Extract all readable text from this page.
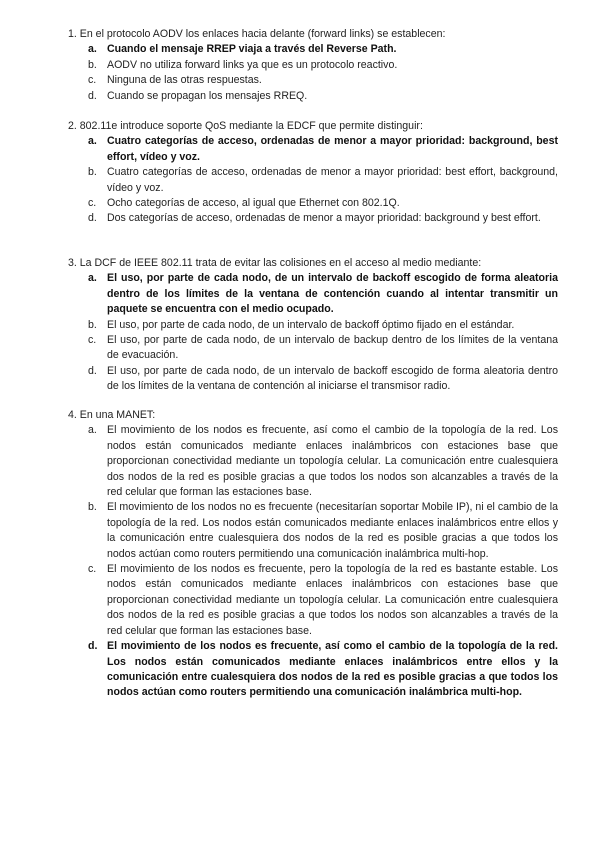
1. En el protocolo AODV los enlaces hacia delante (forward links) se establecen:

a. Cuando el mensaje RREP viaja a través del Reverse Path.
b. AODV no utiliza forward links ya que es un protocolo reactivo.
c. Ninguna de las otras respuestas.
d. Cuando se propagan los mensajes RREQ.

2. 802.11e introduce soporte QoS mediante la EDCF que permite distinguir:

a. Cuatro categorías de acceso, ordenadas de menor a mayor prioridad: background, best effort, vídeo y voz.
b. Cuatro categorías de acceso, ordenadas de menor a mayor prioridad: best effort, background, vídeo y voz.
c. Ocho categorías de acceso, al igual que Ethernet con 802.1Q.
d. Dos categorías de acceso, ordenadas de menor a mayor prioridad: background y best effort.

3. La DCF de IEEE 802.11 trata de evitar las colisiones en el acceso al medio mediante:

a. El uso, por parte de cada nodo, de un intervalo de backoff escogido de forma aleatoria dentro de los límites de la ventana de contención cuando al intentar transmitir un paquete se encuentra con el medio ocupado.
b. El uso, por parte de cada nodo, de un intervalo de backoff óptimo fijado en el estándar.
c. El uso, por parte de cada nodo, de un intervalo de backup dentro de los límites de la ventana de evacuación.
d. El uso, por parte de cada nodo, de un intervalo de backoff escogido de forma aleatoria dentro de los límites de la ventana de contención al iniciarse el transmisor radio.

4. En una MANET:

a. El movimiento de los nodos es frecuente, así como el cambio de la topología de la red. Los nodos están comunicados mediante enlaces inalámbricos con estaciones base que proporcionan conectividad mediante un topología celular. La comunicación entre cualesquiera dos nodos de la red es posible gracias a que todos los nodos son alcanzables a través de la red celular que forman las estaciones base.
b. El movimiento de los nodos no es frecuente (necesitarían soportar Mobile IP), ni el cambio de la topología de la red. Los nodos están comunicados mediante enlaces inalámbricos entre ellos y la comunicación entre cualesquiera dos nodos de la red es posible gracias a que todos los nodos actúan como routers permitiendo una comunicación inalámbrica multi-hop.
c. El movimiento de los nodos es frecuente, pero la topología de la red es bastante estable. Los nodos están comunicados mediante enlaces inalámbricos con estaciones base que proporcionan conectividad mediante un topología celular. La comunicación entre cualesquiera dos nodos de la red es posible gracias a que todos los nodos son alcanzables a través de la red celular que forman las estaciones base.
d. El movimiento de los nodos es frecuente, así como el cambio de la topología de la red. Los nodos están comunicados mediante enlaces inalámbricos entre ellos y la comunicación entre cualesquiera dos nodos de la red es posible gracias a que todos los nodos actúan como routers permitiendo una comunicación inalámbrica multi-hop.
